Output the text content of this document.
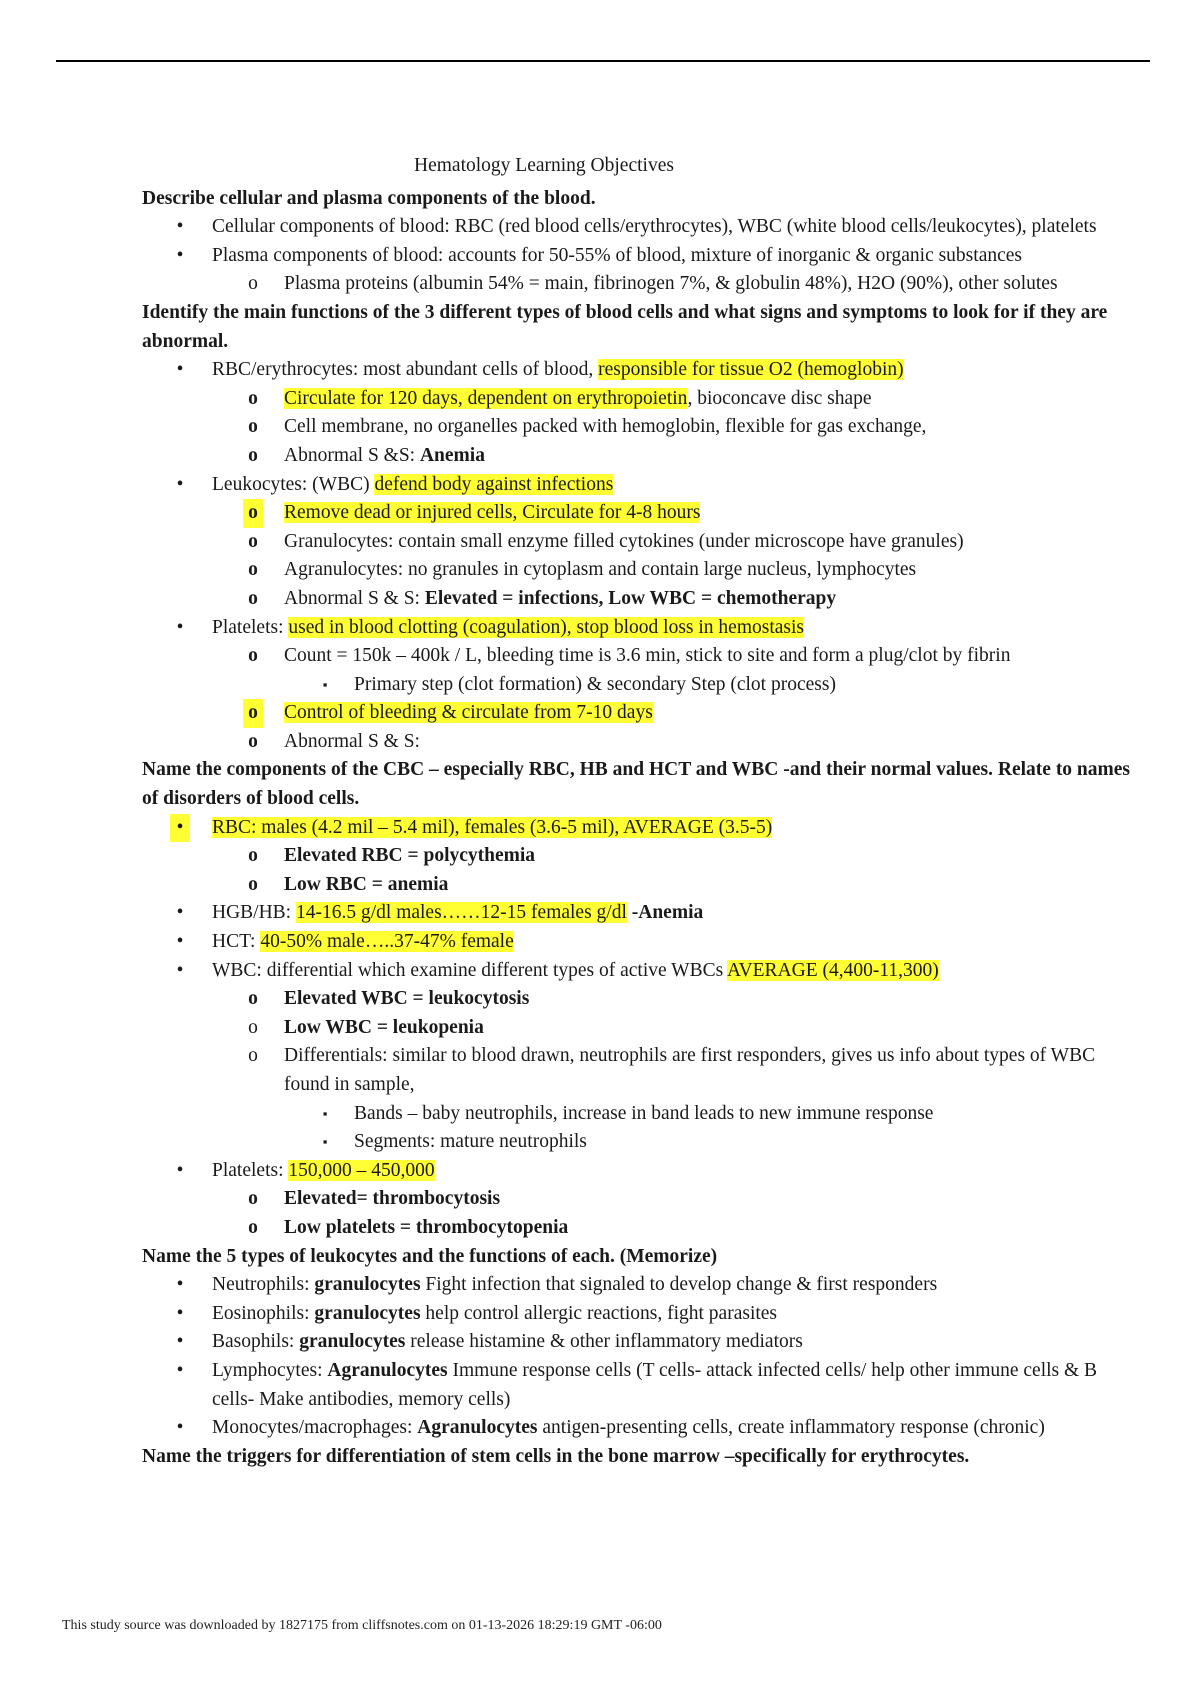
Hematology Learning Objectives
Describe cellular and plasma components of the blood.
•	Cellular components of blood: RBC (red blood cells/erythrocytes), WBC (white blood cells/leukocytes), platelets
•	Plasma components of blood: accounts for 50-55% of blood, mixture of inorganic & organic substances
o Plasma proteins (albumin 54% = main, fibrinogen 7%, & globulin 48%), H2O (90%), other solutes
Identify the main functions of the 3 different types of blood cells and what signs and symptoms to look for if they are abnormal.
•	RBC/erythrocytes: most abundant cells of blood, responsible for tissue O2 (hemoglobin)
o Circulate for 120 days, dependent on erythropoietin, bioconcave disc shape
o Cell membrane, no organelles packed with hemoglobin, flexible for gas exchange,
o Abnormal S &S: Anemia
•	Leukocytes: (WBC) defend body against infections
o Remove dead or injured cells, Circulate for 4-8 hours
o Granulocytes: contain small enzyme filled cytokines (under microscope have granules)
o Agranulocytes: no granules in cytoplasm and contain large nucleus, lymphocytes
o Abnormal S & S: Elevated = infections, Low WBC = chemotherapy
•	Platelets: used in blood clotting (coagulation), stop blood loss in hemostasis
o Count = 150k – 400k / L, bleeding time is 3.6 min, stick to site and form a plug/clot by fibrin
▪	Primary step (clot formation) & secondary Step (clot process)
o Control of bleeding & circulate from 7-10 days
o Abnormal S & S:
Name the components of the CBC – especially RBC, HB and HCT and WBC -and their normal values. Relate to names of disorders of blood cells.
•	RBC: males (4.2 mil – 5.4 mil), females (3.6-5 mil), AVERAGE (3.5-5)
o Elevated RBC = polycythemia
o Low RBC = anemia
•	HGB/HB: 14-16.5 g/dl males……12-15 females g/dl -Anemia
•	HCT: 40-50% male…..37-47% female
•	WBC: differential which examine different types of active WBCs AVERAGE (4,400-11,300)
o Elevated WBC = leukocytosis
o Low WBC = leukopenia
o Differentials: similar to blood drawn, neutrophils are first responders, gives us info about types of WBC found in sample,
▪	Bands – baby neutrophils, increase in band leads to new immune response
▪	Segments: mature neutrophils
•	Platelets: 150,000 – 450,000
o Elevated= thrombocytosis
o Low platelets = thrombocytopenia
Name the 5 types of leukocytes and the functions of each. (Memorize)
•	Neutrophils: granulocytes Fight infection that signaled to develop change & first responders
•	Eosinophils: granulocytes help control allergic reactions, fight parasites
•	Basophils: granulocytes release histamine & other inflammatory mediators
•	Lymphocytes: Agranulocytes Immune response cells (T cells- attack infected cells/ help other immune cells & B cells- Make antibodies, memory cells)
•	Monocytes/macrophages: Agranulocytes antigen-presenting cells, create inflammatory response (chronic)
Name the triggers for differentiation of stem cells in the bone marrow –specifically for erythrocytes.
This study source was downloaded by 1827175 from cliffsnotes.com on 01-13-2026 18:29:19 GMT -06:00
